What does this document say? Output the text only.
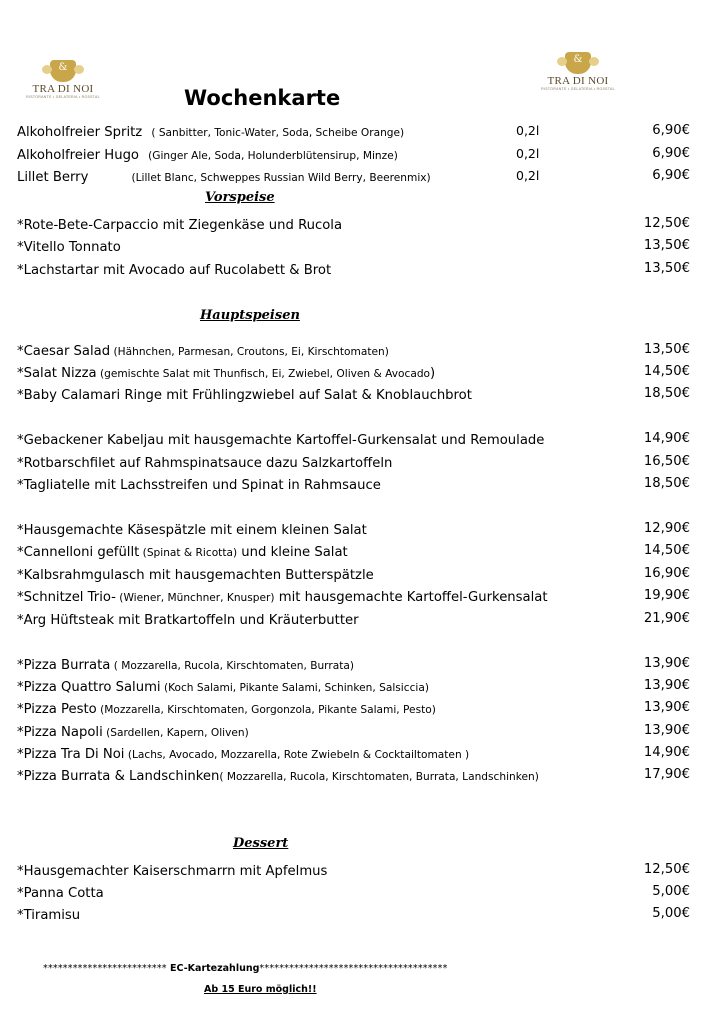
&
TRA DI NOI
RISTORANTE • GELATERIA • ROSSTAL
&
TRA DI NOI
RISTORANTE • GELATERIA • ROSSTAL
Wochenkarte
Alkoholfreier Spritz ( Sanbitter, Tonic-Water, Soda, Scheibe Orange)	0,2l	6,90€
Alkoholfreier Hugo (Ginger Ale, Soda, Holunderblütensirup, Minze)	0,2l	6,90€
Lillet Berry	(Lillet Blanc, Schweppes Russian Wild Berry, Beerenmix)	0,2l	6,90€
Vorspeise
Hauptspeisen
Dessert
*Rote-Bete-Carpaccio mit Ziegenkäse und Rucola	12,50€
*Vitello Tonnato	13,50€
*Lachstartar mit Avocado auf Rucolabett & Brot	13,50€
*Caesar Salad (Hähnchen, Parmesan, Croutons, Ei, Kirschtomaten)	13,50€
*Salat Nizza (gemischte Salat mit Thunfisch, Ei, Zwiebel, Oliven & Avocado)	14,50€
*Baby Calamari Ringe mit Frühlingzwiebel auf Salat & Knoblauchbrot	18,50€
*Gebackener Kabeljau mit hausgemachte Kartoffel-Gurkensalat und Remoulade	14,90€
*Rotbarschfilet auf Rahmspinatsauce dazu Salzkartoffeln	16,50€
*Tagliatelle mit Lachsstreifen und Spinat in Rahmsauce	18,50€
*Hausgemachte Käsespätzle mit einem kleinen Salat	12,90€
*Cannelloni gefüllt (Spinat & Ricotta) und kleine Salat	14,50€
*Kalbsrahmgulasch mit hausgemachten Butterspätzle	16,90€
*Schnitzel Trio- (Wiener, Münchner, Knusper) mit hausgemachte Kartoffel-Gurkensalat	19,90€
*Arg Hüftsteak mit Bratkartoffeln und Kräuterbutter	21,90€
*Pizza Burrata ( Mozzarella, Rucola, Kirschtomaten, Burrata)	13,90€
*Pizza Quattro Salumi (Koch Salami, Pikante Salami, Schinken, Salsiccia)	13,90€
*Pizza Pesto (Mozzarella, Kirschtomaten, Gorgonzola, Pikante Salami, Pesto)	13,90€
*Pizza Napoli (Sardellen, Kapern, Oliven)	13,90€
*Pizza Tra Di Noi (Lachs, Avocado, Mozzarella, Rote Zwiebeln & Cocktailtomaten )	14,90€
*Pizza Burrata & Landschinken( Mozzarella, Rucola, Kirschtomaten, Burrata, Landschinken)	17,90€
*Hausgemachter Kaiserschmarrn mit Apfelmus	12,50€
*Panna Cotta	5,00€
*Tiramisu	5,00€
************************* EC-Kartezahlung**************************************
Ab 15 Euro möglich!!
